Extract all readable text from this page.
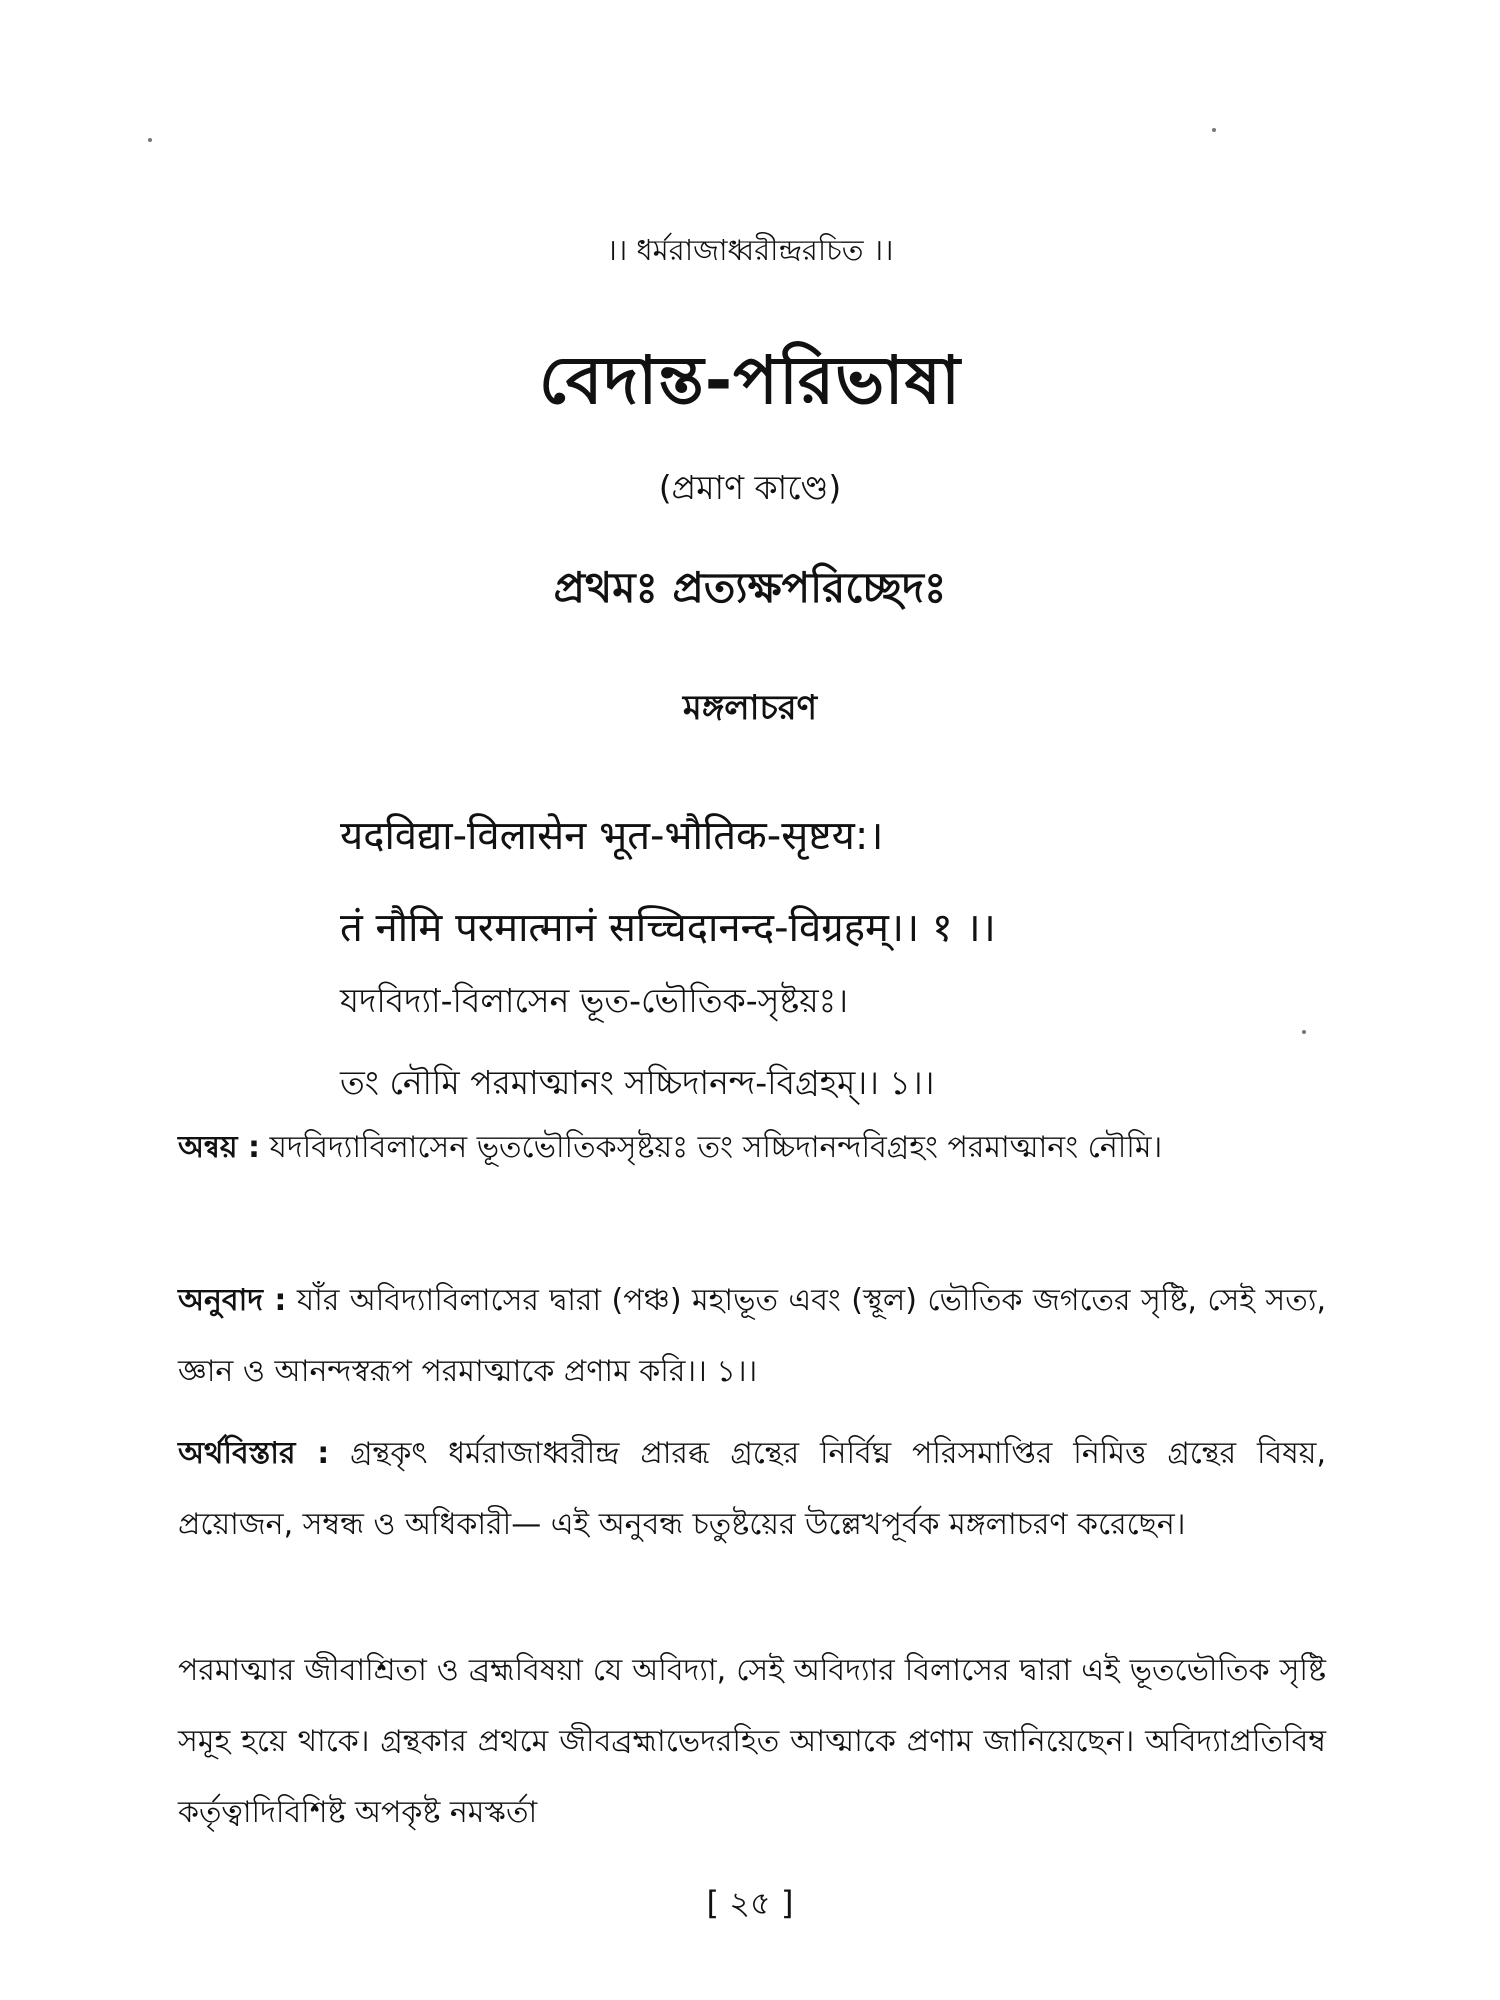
।। ধর্মরাজাধ্বরীন্দ্ররচিত ।।
বেদান্ত-পরিভাষা
(প্রমাণ কাণ্ডে)
প্রথমঃ প্রত্যক্ষপরিচ্ছেদঃ
মঙ্গলাচরণ

यदविद्या-विलासेन भूत-भौतिक-सृष्टय:।

तं नौमि परमात्मानं सच्चिदानन्द-विग्रहम्।। १ ।।

যদবিদ্যা-বিলাসেন ভূত-ভৌতিক-সৃষ্টয়ঃ।

তং নৌমি পরমাত্মানং সচ্চিদানন্দ-বিগ্রহম্।। ১।।

অন্বয় : যদবিদ্যাবিলাসেন ভূতভৌতিকসৃষ্টয়ঃ তং সচ্চিদানন্দবিগ্রহং পরমাত্মানং নৌমি।

অনুবাদ : যাঁর অবিদ্যাবিলাসের দ্বারা (পঞ্চ) মহাভূত এবং (স্থূল) ভৌতিক জগতের সৃষ্টি, সেই সত্য, জ্ঞান ও আনন্দস্বরূপ পরমাত্মাকে প্রণাম করি।। ১।।

অর্থবিস্তার : গ্রন্থকৃৎ ধর্মরাজাধ্বরীন্দ্র প্রারব্ধ গ্রন্থের নির্বিঘ্ন পরিসমাপ্তির নিমিত্ত গ্রন্থের বিষয়, প্রয়োজন, সম্বন্ধ ও অধিকারী— এই অনুবন্ধ চতুষ্টয়ের উল্লেখপূর্বক মঙ্গলাচরণ করেছেন।

পরমাত্মার জীবাশ্রিতা ও ব্রহ্মবিষয়া যে অবিদ্যা, সেই অবিদ্যার বিলাসের দ্বারা এই ভূতভৌতিক সৃষ্টি সমূহ হয়ে থাকে। গ্রন্থকার প্রথমে জীবব্রহ্মাভেদরহিত আত্মাকে প্রণাম জানিয়েছেন। অবিদ্যাপ্রতিবিম্ব কর্তৃত্বাদিবিশিষ্ট অপকৃষ্ট নমস্কর্তা

[ ২৫ ]
